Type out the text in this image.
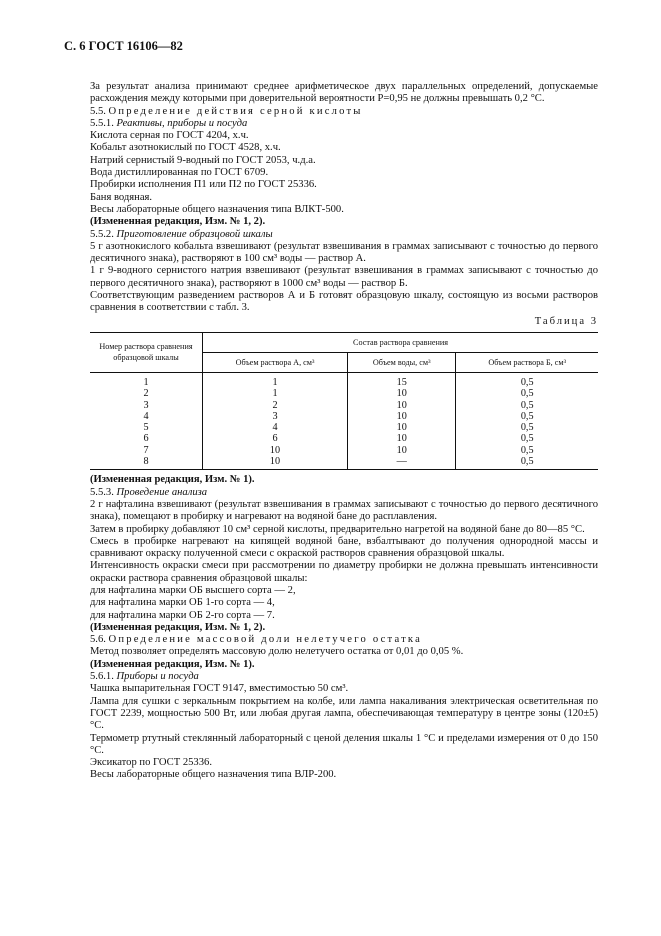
С. 6 ГОСТ 16106—82

За результат анализа принимают среднее арифметическое двух параллельных определений, допускаемые расхождения между которыми при доверительной вероятности Р=0,95 не должны превышать 0,2 °С.

5.5. Определение действия серной кислоты

5.5.1. Реактивы, приборы и посуда

Кислота серная по ГОСТ 4204, х.ч.

Кобальт азотнокислый по ГОСТ 4528, х.ч.

Натрий сернистый 9-водный по ГОСТ 2053, ч.д.а.

Вода дистиллированная по ГОСТ 6709.

Пробирки исполнения П1 или П2 по ГОСТ 25336.

Баня водяная.

Весы лабораторные общего назначения типа ВЛКТ-500.

(Измененная редакция, Изм. № 1, 2).

5.5.2. Приготовление образцовой шкалы

5 г азотнокислого кобальта взвешивают (результат взвешивания в граммах записывают с точностью до первого десятичного знака), растворяют в 100 см³ воды — раствор А.

1 г 9-водного сернистого натрия взвешивают (результат взвешивания в граммах записывают с точностью до первого десятичного знака), растворяют в 1000 см³ воды — раствор Б.

Соответствующим разведением растворов А и Б готовят образцовую шкалу, состоящую из восьми растворов сравнения в соответствии с табл. 3.

Таблица 3

Номер раствора сравнения образцовой шкалы	Состав раствора сравнения		
	Объем раствора А, см³	Объем воды, см³	Объем раствора Б, см³
1	1	15	0,5
2	1	10	0,5
3	2	10	0,5
4	3	10	0,5
5	4	10	0,5
6	6	10	0,5
7	10	10	0,5
8	10	—	0,5

(Измененная редакция, Изм. № 1).

5.5.3. Проведение анализа

2 г нафталина взвешивают (результат взвешивания в граммах записывают с точностью до первого десятичного знака), помещают в пробирку и нагревают на водяной бане до расплавления.

Затем в пробирку добавляют 10 см³ серной кислоты, предварительно нагретой на водяной бане до 80—85 °С.

Смесь в пробирке нагревают на кипящей водяной бане, взбалтывают до получения однородной массы и сравнивают окраску полученной смеси с окраской растворов сравнения образцовой шкалы.

Интенсивность окраски смеси при рассмотрении по диаметру пробирки не должна превышать интенсивности окраски раствора сравнения образцовой шкалы:

для нафталина марки ОБ высшего сорта — 2,

для нафталина марки ОБ 1-го сорта — 4,

для нафталина марки ОБ 2-го сорта — 7.

(Измененная редакция, Изм. № 1, 2).

5.6. Определение массовой доли нелетучего остатка

Метод позволяет определять массовую долю нелетучего остатка от 0,01 до 0,05 %.

(Измененная редакция, Изм. № 1).

5.6.1. Приборы и посуда

Чашка выпарительная ГОСТ 9147, вместимостью 50 см³.

Лампа для сушки с зеркальным покрытием на колбе, или лампа накаливания электрическая осветительная по ГОСТ 2239, мощностью 500 Вт, или любая другая лампа, обеспечивающая температуру в центре зоны (120±5) °С.

Термометр ртутный стеклянный лабораторный с ценой деления шкалы 1 °С и пределами измерения от 0 до 150 °С.

Эксикатор по ГОСТ 25336.

Весы лабораторные общего назначения типа ВЛР-200.
